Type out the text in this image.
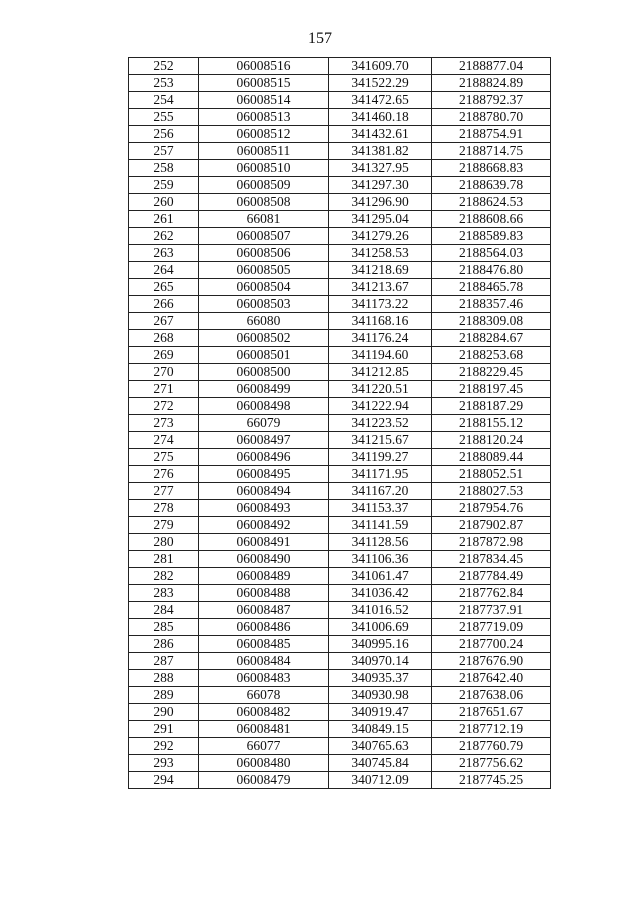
157
252	06008516	341609.70	2188877.04
253	06008515	341522.29	2188824.89
254	06008514	341472.65	2188792.37
255	06008513	341460.18	2188780.70
256	06008512	341432.61	2188754.91
257	06008511	341381.82	2188714.75
258	06008510	341327.95	2188668.83
259	06008509	341297.30	2188639.78
260	06008508	341296.90	2188624.53
261	66081	341295.04	2188608.66
262	06008507	341279.26	2188589.83
263	06008506	341258.53	2188564.03
264	06008505	341218.69	2188476.80
265	06008504	341213.67	2188465.78
266	06008503	341173.22	2188357.46
267	66080	341168.16	2188309.08
268	06008502	341176.24	2188284.67
269	06008501	341194.60	2188253.68
270	06008500	341212.85	2188229.45
271	06008499	341220.51	2188197.45
272	06008498	341222.94	2188187.29
273	66079	341223.52	2188155.12
274	06008497	341215.67	2188120.24
275	06008496	341199.27	2188089.44
276	06008495	341171.95	2188052.51
277	06008494	341167.20	2188027.53
278	06008493	341153.37	2187954.76
279	06008492	341141.59	2187902.87
280	06008491	341128.56	2187872.98
281	06008490	341106.36	2187834.45
282	06008489	341061.47	2187784.49
283	06008488	341036.42	2187762.84
284	06008487	341016.52	2187737.91
285	06008486	341006.69	2187719.09
286	06008485	340995.16	2187700.24
287	06008484	340970.14	2187676.90
288	06008483	340935.37	2187642.40
289	66078	340930.98	2187638.06
290	06008482	340919.47	2187651.67
291	06008481	340849.15	2187712.19
292	66077	340765.63	2187760.79
293	06008480	340745.84	2187756.62
294	06008479	340712.09	2187745.25
